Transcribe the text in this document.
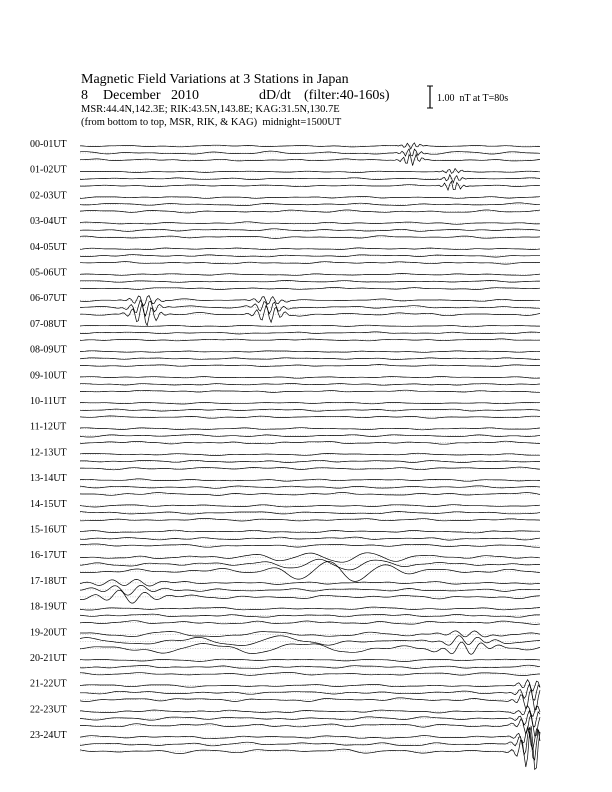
Magnetic Field Variations at 3 Stations in Japan

8

December

2010

	dD/dt

(filter:40-160s)

MSR:44.4N,142.3E; RIK:43.5N,143.8E; KAG:31.5N,130.7E
(from bottom to top, MSR, RIK, & KAG)  midnight=1500UT
1.00  nT at T=80s
00-01UT
01-02UT
02-03UT
03-04UT
04-05UT
05-06UT
06-07UT
07-08UT
08-09UT
09-10UT
10-11UT
11-12UT
12-13UT
13-14UT
14-15UT
15-16UT
16-17UT
17-18UT
18-19UT
19-20UT
20-21UT
21-22UT
22-23UT
23-24UT
